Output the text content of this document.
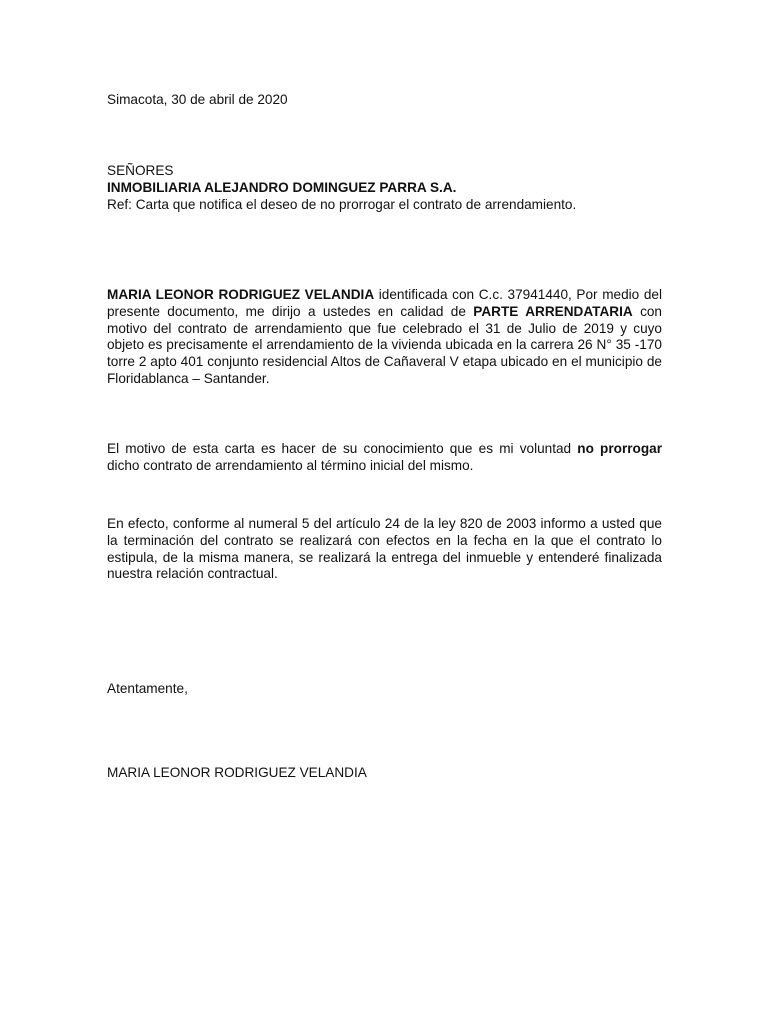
Simacota, 30 de abril de 2020
SEÑORES
INMOBILIARIA ALEJANDRO DOMINGUEZ PARRA S.A.
Ref: Carta que notifica el deseo de no prorrogar el contrato de arrendamiento.

MARIA LEONOR RODRIGUEZ VELANDIA identificada con C.c. 37941440, Por medio del presente documento, me dirijo a ustedes en calidad de PARTE ARRENDATARIA con motivo del contrato de arrendamiento que fue celebrado el 31 de Julio de 2019 y cuyo objeto es precisamente el arrendamiento de la vivienda ubicada en la carrera 26 N° 35 -170 torre 2 apto 401 conjunto residencial Altos de Cañaveral V etapa ubicado en el municipio de Floridablanca – Santander.

El motivo de esta carta es hacer de su conocimiento que es mi voluntad no prorrogar dicho contrato de arrendamiento al término inicial del mismo.

En efecto, conforme al numeral 5 del artículo 24 de la ley 820 de 2003 informo a usted que la terminación del contrato se realizará con efectos en la fecha en la que el contrato lo estipula, de la misma manera, se realizará la entrega del inmueble y entenderé finalizada nuestra relación contractual.

Atentamente,
MARIA LEONOR RODRIGUEZ VELANDIA
